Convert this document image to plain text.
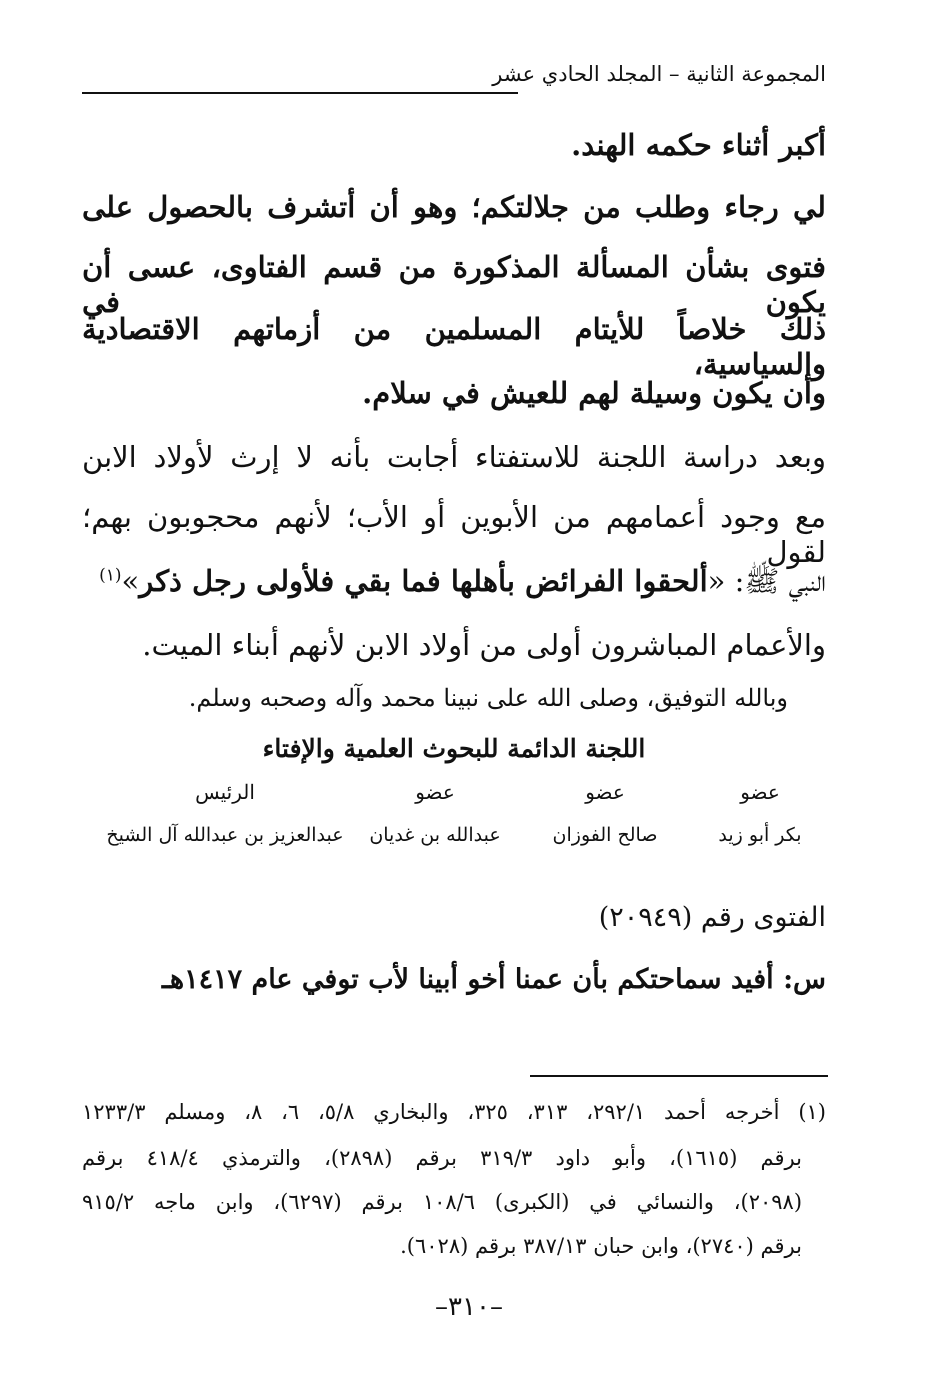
المجموعة الثانية – المجلد الحادي عشر
أكبر أثناء حكمه الهند.
لي رجاء وطلب من جلالتكم؛ وهو أن أتشرف بالحصول على
فتوى بشأن المسألة المذكورة من قسم الفتاوى، عسى أن يكون في
ذلك خلاصاً للأيتام المسلمين من أزماتهم الاقتصادية والسياسية،
وأن يكون وسيلة لهم للعيش في سلام.
وبعد دراسة اللجنة للاستفتاء أجابت بأنه لا إرث لأولاد الابن
مع وجود أعمامهم من الأبوين أو الأب؛ لأنهم محجوبون بهم؛ لقول
النبي ﷺ: «ألحقوا الفرائض بأهلها فما بقي فلأولى رجل ذكر»$^{(١)}$
والأعمام المباشرون أولى من أولاد الابن لأنهم أبناء الميت.
وبالله التوفيق، وصلى الله على نبينا محمد وآله وصحبه وسلم.
اللجنة الدائمة للبحوث العلمية والإفتاء
عضو
بكر أبو زيد
عضو
صالح الفوزان
عضو
عبدالله بن غديان
الرئيس
عبدالعزيز بن عبدالله آل الشيخ
الفتوى رقم (٢٠٩٤٩)
س: أفيد سماحتكم بأن عمنا أخو أبينا لأب توفي عام ١٤١٧هـ
(١) أخرجه أحمد ٢٩٢/١، ٣١٣، ٣٢٥، والبخاري ٥/٨، ٦، ٨، ومسلم ١٢٣٣/٣
برقم (١٦١٥)، وأبو داود ٣١٩/٣ برقم (٢٨٩٨)، والترمذي ٤١٨/٤ برقم
(٢٠٩٨)، والنسائي في (الكبرى) ١٠٨/٦ برقم (٦٢٩٧)، وابن ماجه ٩١٥/٢
برقم (٢٧٤٠)، وابن حبان ٣٨٧/١٣ برقم (٦٠٢٨).
–٣١٠–
